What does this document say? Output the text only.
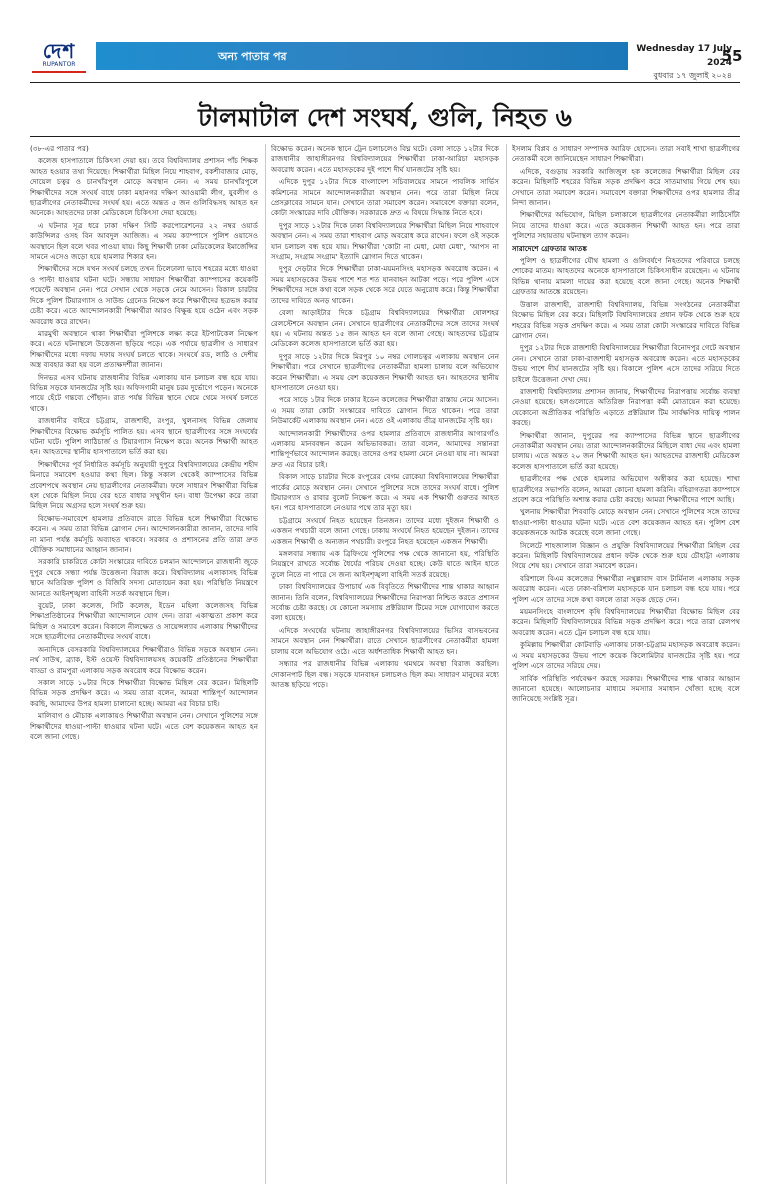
দেশ
RUPANTOR
অন্য পাতার পর
Wednesday 17 July 2024
বুধবার ১৭ জুলাই ২০২৪
55
টালমাটাল দেশ সংঘর্ষ, গুলি, নিহত ৬

(৩৮-এর পাতার পর)

কলেজ হাসপাতালে চিকিৎসা দেয়া হয়। তবে বিশ্ববিদ্যালয় প্রশাসন পাঁচ শিক্ষক আহত হওয়ার তথ্য দিয়েছে। শিক্ষার্থীরা মিছিল নিয়ে শাহবাগ, বকশীবাজার মোড়, দোয়েল চত্বর ও চানখাঁরপুল মোড়ে অবস্থান নেন। এ সময় চানখাঁরপুলে শিক্ষার্থীদের সঙ্গে সংঘর্ষ বাধে ঢাকা মহানগর দক্ষিণ আওয়ামী লীগ, যুবলীগ ও ছাত্রলীগের নেতাকর্মীদের সংঘর্ষ হয়। এতে অন্তত ৫ জন গুলিবিদ্ধসহ আহত হন অনেকে। আহতদের ঢাকা মেডিকেলে চিকিৎসা দেয়া হয়েছে।

এ ঘটনার সূত্র ধরে ঢাকা দক্ষিণ সিটি করপোরেশনের ২২ নম্বর ওয়ার্ড কাউন্সিলর ওসহ বিন আবদুল আজিজ। এ সময় ক্যাম্পাসে পুলিশ ওয়াসেও অবস্থানে ছিল বলে খবর পাওয়া যায়। কিছু শিক্ষার্থী ঢাকা মেডিকেলের ইমার্জেন্সির সামনে এসেও জড়ো হয়ে হামলার শিকার হন।

শিক্ষার্থীদের সঙ্গে যখন সংঘর্ষ চলছে তখন ঢিলেঢালা ভাবে শহরের মধ্যে ধাওয়া ও পাল্টা ধাওয়ার ঘটনা ঘটে। সন্ধ্যায় সাধারণ শিক্ষার্থীরা ক্যাম্পাসের কয়েকটি পয়েন্টে অবস্থান নেন। পরে সেখান থেকে সড়কে নেমে আসেন। বিকাল চারটার দিকে পুলিশ টিয়ারগ্যাস ও সাউন্ড গ্রেনেড নিক্ষেপ করে শিক্ষার্থীদের ছত্রভঙ্গ করার চেষ্টা করে। এতে আন্দোলনকারী শিক্ষার্থীরা আরও বিক্ষুব্ধ হয়ে ওঠেন এবং সড়ক অবরোধ করে রাখেন।

মারমুখী অবস্থানে থাকা শিক্ষার্থীরা পুলিশকে লক্ষ্য করে ইটপাটকেল নিক্ষেপ করে। এতে ঘটনাস্থলে উত্তেজনা ছড়িয়ে পড়ে। এক পর্যায়ে ছাত্রলীগ ও সাধারণ শিক্ষার্থীদের মধ্যে দফায় দফায় সংঘর্ষ চলতে থাকে। সংঘর্ষে রড, লাঠি ও দেশীয় অস্ত্র ব্যবহার করা হয় বলে প্রত্যক্ষদর্শীরা জানান।

দিনভর এসব ঘটনায় রাজধানীর বিভিন্ন এলাকায় যান চলাচল বন্ধ হয়ে যায়। বিভিন্ন সড়কে যানজটের সৃষ্টি হয়। অফিসগামী মানুষ চরম দুর্ভোগে পড়েন। অনেকে পায়ে হেঁটে গন্তব্যে পৌঁছান। রাত পর্যন্ত বিভিন্ন স্থানে থেমে থেমে সংঘর্ষ চলতে থাকে।

রাজধানীর বাইরে চট্টগ্রাম, রাজশাহী, রংপুর, খুলনাসহ বিভিন্ন জেলায় শিক্ষার্থীদের বিক্ষোভ কর্মসূচি পালিত হয়। এসব স্থানে ছাত্রলীগের সঙ্গে সংঘর্ষের ঘটনা ঘটে। পুলিশ লাঠিচার্জ ও টিয়ারগ্যাস নিক্ষেপ করে। অনেক শিক্ষার্থী আহত হন। আহতদের স্থানীয় হাসপাতালে ভর্তি করা হয়।

শিক্ষার্থীদের পূর্ব নির্ধারিত কর্মসূচি অনুযায়ী দুপুরে বিশ্ববিদ্যালয়ের কেন্দ্রীয় শহীদ মিনারে সমাবেশ হওয়ার কথা ছিল। কিন্তু সকাল থেকেই ক্যাম্পাসের বিভিন্ন প্রবেশপথে অবস্থান নেয় ছাত্রলীগের নেতাকর্মীরা। ফলে সাধারণ শিক্ষার্থীরা বিভিন্ন হল থেকে মিছিল নিয়ে বের হতে বাধার সম্মুখীন হন। বাধা উপেক্ষা করে তারা মিছিল নিয়ে অগ্রসর হলে সংঘর্ষ শুরু হয়।

বিক্ষোভ-সমাবেশে হামলার প্রতিবাদে রাতে বিভিন্ন হলে শিক্ষার্থীরা বিক্ষোভ করেন। এ সময় তারা বিভিন্ন স্লোগান দেন। আন্দোলনকারীরা জানান, তাদের দাবি না মানা পর্যন্ত কর্মসূচি অব্যাহত থাকবে। সরকার ও প্রশাসনের প্রতি তারা দ্রুত যৌক্তিক সমাধানের আহ্বান জানান।

সরকারি চাকরিতে কোটা সংস্কারের দাবিতে চলমান আন্দোলনে রাজধানী জুড়ে দুপুর থেকে সন্ধ্যা পর্যন্ত উত্তেজনা বিরাজ করে। বিশ্ববিদ্যালয় এলাকাসহ বিভিন্ন স্থানে অতিরিক্ত পুলিশ ও বিজিবি সদস্য মোতায়েন করা হয়। পরিস্থিতি নিয়ন্ত্রণে আনতে আইনশৃঙ্খলা বাহিনী সতর্ক অবস্থানে ছিল।

বুয়েট, ঢাকা কলেজ, সিটি কলেজ, ইডেন মহিলা কলেজসহ বিভিন্ন শিক্ষাপ্রতিষ্ঠানের শিক্ষার্থীরা আন্দোলনে যোগ দেন। তারা একাত্মতা প্রকাশ করে মিছিল ও সমাবেশ করেন। বিকালে নীলক্ষেত ও সায়েন্সল্যাব এলাকায় শিক্ষার্থীদের সঙ্গে ছাত্রলীগের নেতাকর্মীদের সংঘর্ষ বাধে।

অন্যদিকে বেসরকারি বিশ্ববিদ্যালয়ের শিক্ষার্থীরাও বিভিন্ন সড়কে অবস্থান নেন। নর্থ সাউথ, ব্র্যাক, ইস্ট ওয়েস্ট বিশ্ববিদ্যালয়সহ কয়েকটি প্রতিষ্ঠানের শিক্ষার্থীরা বাড্ডা ও রামপুরা এলাকায় সড়ক অবরোধ করে বিক্ষোভ করেন।

সকাল সাড়ে ১০টার দিকে শিক্ষার্থীরা বিক্ষোভ মিছিল বের করেন। মিছিলটি বিভিন্ন সড়ক প্রদক্ষিণ করে। এ সময় তারা বলেন, আমরা শান্তিপূর্ণ আন্দোলন করছি, আমাদের উপর হামলা চালানো হচ্ছে। আমরা এর বিচার চাই।

মালিবাগ ও মৌচাক এলাকায়ও শিক্ষার্থীরা অবস্থান নেন। সেখানে পুলিশের সঙ্গে শিক্ষার্থীদের ধাওয়া-পাল্টা ধাওয়ার ঘটনা ঘটে। এতে বেশ কয়েকজন আহত হন বলে জানা গেছে।

বিক্ষোভ করেন। অনেক স্থানে ট্রেন চলাচলেও বিঘ্ন ঘটে। বেলা সাড়ে ১২টার দিকে রাজধানীর জাহাঙ্গীরনগর বিশ্ববিদ্যালয়ের শিক্ষার্থীরা ঢাকা-আরিচা মহাসড়ক অবরোধ করেন। এতে মহাসড়কের দুই পাশে দীর্ঘ যানজটের সৃষ্টি হয়।

এদিকে দুপুর ১২টার দিকে বাংলাদেশ সচিবালয়ের সামনে পাবলিক সার্ভিস কমিশনের সামনে আন্দোলনকারীরা অবস্থান নেন। পরে তারা মিছিল নিয়ে প্রেসক্লাবের সামনে যান। সেখানে তারা সমাবেশ করেন। সমাবেশে বক্তারা বলেন, কোটা সংস্কারের দাবি যৌক্তিক। সরকারকে দ্রুত এ বিষয়ে সিদ্ধান্ত নিতে হবে।

দুপুর সাড়ে ১২টার দিকে ঢাকা বিশ্ববিদ্যালয়ের শিক্ষার্থীরা মিছিল নিয়ে শাহবাগে অবস্থান নেন। এ সময় তারা শাহবাগ মোড় অবরোধ করে রাখেন। ফলে ওই সড়কে যান চলাচল বন্ধ হয়ে যায়। শিক্ষার্থীরা 'কোটা না মেধা, মেধা মেধা', 'আপস না সংগ্রাম, সংগ্রাম সংগ্রাম' ইত্যাদি স্লোগান দিতে থাকেন।

দুপুর দেড়টার দিকে শিক্ষার্থীরা ঢাকা-ময়মনসিংহ মহাসড়ক অবরোধ করেন। এ সময় মহাসড়কের উভয় পাশে শত শত যানবাহন আটকা পড়ে। পরে পুলিশ এসে শিক্ষার্থীদের সঙ্গে কথা বলে সড়ক থেকে সরে যেতে অনুরোধ করে। কিন্তু শিক্ষার্থীরা তাদের দাবিতে অনড় থাকেন।

বেলা আড়াইটার দিকে চট্টগ্রাম বিশ্ববিদ্যালয়ের শিক্ষার্থীরা ষোলশহর রেলস্টেশনে অবস্থান নেন। সেখানে ছাত্রলীগের নেতাকর্মীদের সঙ্গে তাদের সংঘর্ষ হয়। এ ঘটনায় অন্তত ১৫ জন আহত হন বলে জানা গেছে। আহতদের চট্টগ্রাম মেডিকেল কলেজ হাসপাতালে ভর্তি করা হয়।

দুপুর সাড়ে ১২টার দিকে মিরপুর ১০ নম্বর গোলচত্বর এলাকায় অবস্থান নেন শিক্ষার্থীরা। পরে সেখানে ছাত্রলীগের নেতাকর্মীরা হামলা চালায় বলে অভিযোগ করেন শিক্ষার্থীরা। এ সময় বেশ কয়েকজন শিক্ষার্থী আহত হন। আহতদের স্থানীয় হাসপাতালে নেওয়া হয়।

পরে সাড়ে ১টার দিকে ঢাকার ইডেন কলেজের শিক্ষার্থীরা রাস্তায় নেমে আসেন। এ সময় তারা কোটা সংস্কারের দাবিতে স্লোগান দিতে থাকেন। পরে তারা নিউমার্কেট এলাকায় অবস্থান নেন। এতে ওই এলাকায় তীব্র যানজটের সৃষ্টি হয়।

আন্দোলনকারী শিক্ষার্থীদের ওপর হামলার প্রতিবাদে রাজধানীর আগারগাঁও এলাকায় মানববন্ধন করেন অভিভাবকরা। তারা বলেন, আমাদের সন্তানরা শান্তিপূর্ণভাবে আন্দোলন করছে। তাদের ওপর হামলা মেনে নেওয়া যায় না। আমরা দ্রুত এর বিচার চাই।

বিকাল সাড়ে চারটার দিকে রংপুরের বেগম রোকেয়া বিশ্ববিদ্যালয়ের শিক্ষার্থীরা পার্কের মোড়ে অবস্থান নেন। সেখানে পুলিশের সঙ্গে তাদের সংঘর্ষ বাধে। পুলিশ টিয়ারগ্যাস ও রাবার বুলেট নিক্ষেপ করে। এ সময় এক শিক্ষার্থী গুরুতর আহত হন। পরে হাসপাতালে নেওয়ার পথে তার মৃত্যু হয়।

চট্টগ্রামে সংঘর্ষে নিহত হয়েছেন তিনজন। তাদের মধ্যে দুইজন শিক্ষার্থী ও একজন পথচারী বলে জানা গেছে। ঢাকায় সংঘর্ষে নিহত হয়েছেন দুইজন। তাদের একজন শিক্ষার্থী ও অন্যজন পথচারী। রংপুরে নিহত হয়েছেন একজন শিক্ষার্থী।

মঙ্গলবার সন্ধ্যায় এক ব্রিফিংয়ে পুলিশের পক্ষ থেকে জানানো হয়, পরিস্থিতি নিয়ন্ত্রণে রাখতে সর্বোচ্চ ধৈর্যের পরিচয় দেওয়া হচ্ছে। কেউ যাতে আইন হাতে তুলে নিতে না পারে সে জন্য আইনশৃঙ্খলা বাহিনী সতর্ক রয়েছে।

ঢাকা বিশ্ববিদ্যালয়ের উপাচার্য এক বিবৃতিতে শিক্ষার্থীদের শান্ত থাকার আহ্বান জানান। তিনি বলেন, বিশ্ববিদ্যালয়ের শিক্ষার্থীদের নিরাপত্তা নিশ্চিত করতে প্রশাসন সর্বোচ্চ চেষ্টা করছে। যে কোনো সমস্যায় প্রক্টরিয়াল টিমের সঙ্গে যোগাযোগ করতে বলা হয়েছে।

এদিকে সংঘর্ষের ঘটনায় জাহাঙ্গীরনগর বিশ্ববিদ্যালয়ের ভিসির বাসভবনের সামনে অবস্থান নেন শিক্ষার্থীরা। রাতে সেখানে ছাত্রলীগের নেতাকর্মীরা হামলা চালায় বলে অভিযোগ ওঠে। এতে অর্ধশতাধিক শিক্ষার্থী আহত হন।

সন্ধ্যার পর রাজধানীর বিভিন্ন এলাকায় থমথমে অবস্থা বিরাজ করছিল। দোকানপাট ছিল বন্ধ। সড়কে যানবাহন চলাচলও ছিল কম। সাধারণ মানুষের মধ্যে আতঙ্ক ছড়িয়ে পড়ে।

ইসলাম বিপ্লব ও সাধারণ সম্পাদক আরিফ হোসেন। তারা সবাই শাখা ছাত্রলীগের নেতাকর্মী বলে জানিয়েছেন সাধারণ শিক্ষার্থীরা।

এদিকে, বগুড়ায় সরকারি আজিজুল হক কলেজের শিক্ষার্থীরা মিছিল বের করেন। মিছিলটি শহরের বিভিন্ন সড়ক প্রদক্ষিণ করে সাতমাথায় গিয়ে শেষ হয়। সেখানে তারা সমাবেশ করেন। সমাবেশে বক্তারা শিক্ষার্থীদের ওপর হামলার তীব্র নিন্দা জানান।

শিক্ষার্থীদের অভিযোগ, মিছিল চলাকালে ছাত্রলীগের নেতাকর্মীরা লাঠিসোঁটা নিয়ে তাদের ধাওয়া করে। এতে কয়েকজন শিক্ষার্থী আহত হন। পরে তারা পুলিশের সহায়তায় ঘটনাস্থল ত্যাগ করেন।

সারাদেশে গ্রেফতার আতঙ্ক

পুলিশ ও ছাত্রলীগের যৌথ হামলা ও গুলিবর্ষণে নিহতদের পরিবারে চলছে শোকের মাতম। আহতদের অনেকে হাসপাতালে চিকিৎসাধীন রয়েছেন। এ ঘটনায় বিভিন্ন থানায় মামলা দায়ের করা হয়েছে বলে জানা গেছে। অনেক শিক্ষার্থী গ্রেফতার আতঙ্কে রয়েছেন।

উত্তাল রাজশাহী, রাজশাহী বিশ্ববিদ্যালয়, বিভিন্ন সংগঠনের নেতাকর্মীরা বিক্ষোভ মিছিল বের করে। মিছিলটি বিশ্ববিদ্যালয়ের প্রধান ফটক থেকে শুরু হয়ে শহরের বিভিন্ন সড়ক প্রদক্ষিণ করে। এ সময় তারা কোটা সংস্কারের দাবিতে বিভিন্ন স্লোগান দেন।

দুপুর ১২টার দিকে রাজশাহী বিশ্ববিদ্যালয়ের শিক্ষার্থীরা বিনোদপুর গেটে অবস্থান নেন। সেখানে তারা ঢাকা-রাজশাহী মহাসড়ক অবরোধ করেন। এতে মহাসড়কের উভয় পাশে দীর্ঘ যানজটের সৃষ্টি হয়। বিকালে পুলিশ এসে তাদের সরিয়ে দিতে চাইলে উত্তেজনা দেখা দেয়।

রাজশাহী বিশ্ববিদ্যালয় প্রশাসন জানায়, শিক্ষার্থীদের নিরাপত্তায় সর্বোচ্চ ব্যবস্থা নেওয়া হয়েছে। হলগুলোতে অতিরিক্ত নিরাপত্তা কর্মী মোতায়েন করা হয়েছে। যেকোনো অপ্রীতিকর পরিস্থিতি এড়াতে প্রক্টরিয়াল টিম সার্বক্ষণিক দায়িত্ব পালন করছে।

শিক্ষার্থীরা জানান, দুপুরের পর ক্যাম্পাসের বিভিন্ন স্থানে ছাত্রলীগের নেতাকর্মীরা অবস্থান নেয়। তারা আন্দোলনকারীদের মিছিলে বাধা দেয় এবং হামলা চালায়। এতে অন্তত ২০ জন শিক্ষার্থী আহত হন। আহতদের রাজশাহী মেডিকেল কলেজ হাসপাতালে ভর্তি করা হয়েছে।

ছাত্রলীগের পক্ষ থেকে হামলার অভিযোগ অস্বীকার করা হয়েছে। শাখা ছাত্রলীগের সভাপতি বলেন, আমরা কোনো হামলা করিনি। বহিরাগতরা ক্যাম্পাসে প্রবেশ করে পরিস্থিতি অশান্ত করার চেষ্টা করছে। আমরা শিক্ষার্থীদের পাশে আছি।

খুলনায় শিক্ষার্থীরা শিববাড়ি মোড়ে অবস্থান নেন। সেখানে পুলিশের সঙ্গে তাদের ধাওয়া-পাল্টা ধাওয়ার ঘটনা ঘটে। এতে বেশ কয়েকজন আহত হন। পুলিশ বেশ কয়েকজনকে আটক করেছে বলে জানা গেছে।

সিলেটে শাহজালাল বিজ্ঞান ও প্রযুক্তি বিশ্ববিদ্যালয়ের শিক্ষার্থীরা মিছিল বের করেন। মিছিলটি বিশ্ববিদ্যালয়ের প্রধান ফটক থেকে শুরু হয়ে চৌহাট্টা এলাকায় গিয়ে শেষ হয়। সেখানে তারা সমাবেশ করেন।

বরিশালে বিএম কলেজের শিক্ষার্থীরা নথুল্লাবাদ বাস টার্মিনাল এলাকায় সড়ক অবরোধ করেন। এতে ঢাকা-বরিশাল মহাসড়কে যান চলাচল বন্ধ হয়ে যায়। পরে পুলিশ এসে তাদের সঙ্গে কথা বললে তারা সড়ক ছেড়ে দেন।

ময়মনসিংহে বাংলাদেশ কৃষি বিশ্ববিদ্যালয়ের শিক্ষার্থীরা বিক্ষোভ মিছিল বের করেন। মিছিলটি বিশ্ববিদ্যালয়ের বিভিন্ন সড়ক প্রদক্ষিণ করে। পরে তারা রেলপথ অবরোধ করেন। এতে ট্রেন চলাচল বন্ধ হয়ে যায়।

কুমিল্লায় শিক্ষার্থীরা কোটবাড়ি এলাকায় ঢাকা-চট্টগ্রাম মহাসড়ক অবরোধ করেন। এ সময় মহাসড়কের উভয় পাশে কয়েক কিলোমিটার যানজটের সৃষ্টি হয়। পরে পুলিশ এসে তাদের সরিয়ে দেয়।

সার্বিক পরিস্থিতি পর্যবেক্ষণ করছে সরকার। শিক্ষার্থীদের শান্ত থাকার আহ্বান জানানো হয়েছে। আলোচনার মাধ্যমে সমস্যার সমাধান খোঁজা হচ্ছে বলে জানিয়েছে সংশ্লিষ্ট সূত্র।
